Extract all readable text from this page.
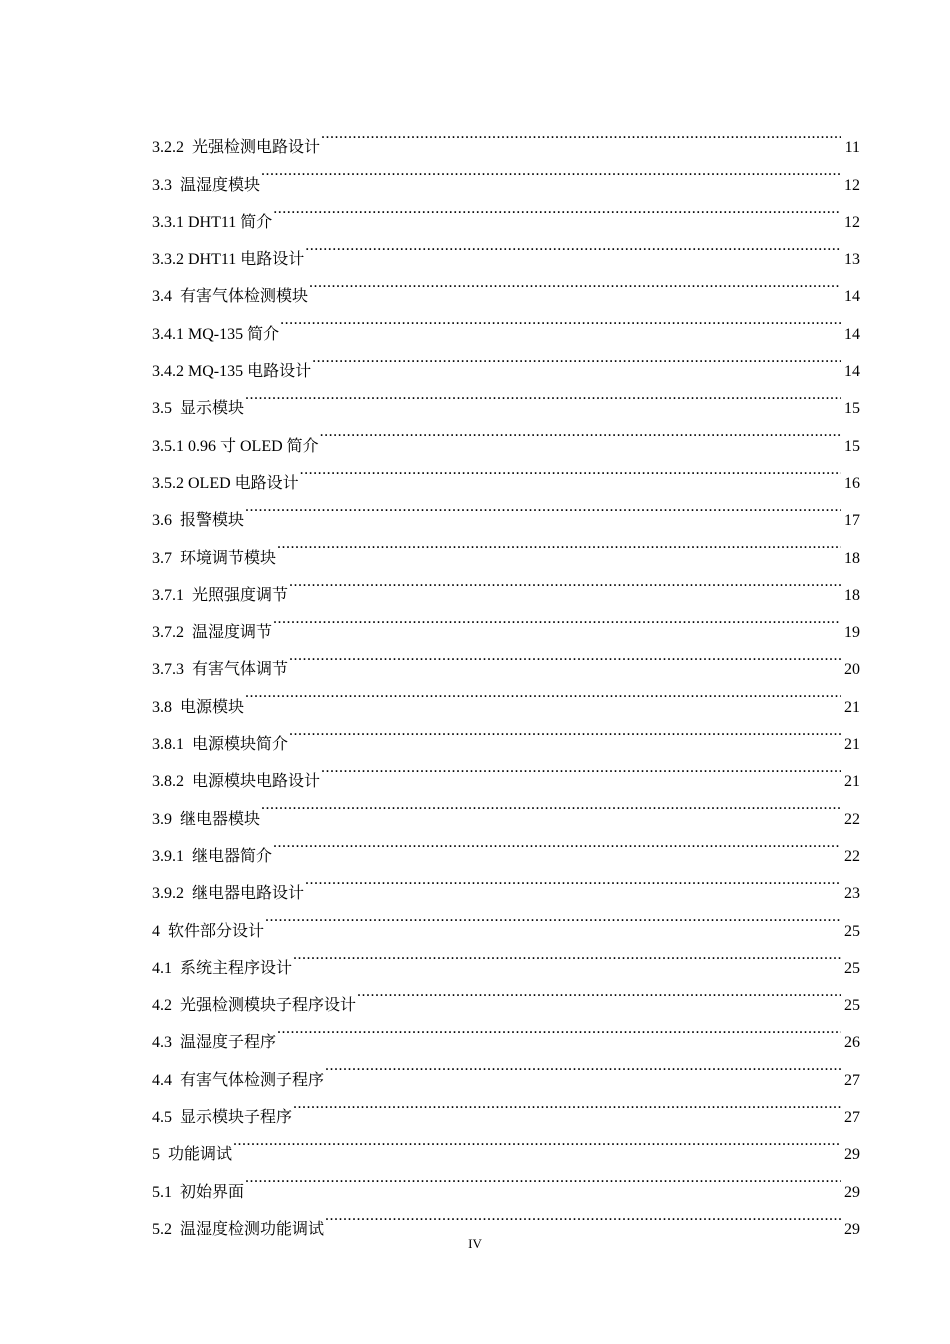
3.2.2  光强检测电路设计 .....	11
3.3  温湿度模块 .....	12
3.3.1 DHT11 简介 .....	12
3.3.2 DHT11 电路设计 .....	13
3.4  有害气体检测模块 .....	14
3.4.1 MQ-135 简介 .....	14
3.4.2 MQ-135 电路设计 .....	14
3.5  显示模块 .....	15
3.5.1 0.96 寸 OLED 简介 .....	15
3.5.2 OLED 电路设计 .....	16
3.6  报警模块 .....	17
3.7  环境调节模块 .....	18
3.7.1  光照强度调节 .....	18
3.7.2  温湿度调节 .....	19
3.7.3  有害气体调节 .....	20
3.8  电源模块 .....	21
3.8.1  电源模块简介 .....	21
3.8.2  电源模块电路设计 .....	21
3.9  继电器模块 .....	22
3.9.1  继电器简介 .....	22
3.9.2  继电器电路设计 .....	23
4  软件部分设计 .....	25
4.1  系统主程序设计 .....	25
4.2  光强检测模块子程序设计 .....	25
4.3  温湿度子程序 .....	26
4.4  有害气体检测子程序 .....	27
4.5  显示模块子程序 .....	27
5  功能调试 .....	29
5.1  初始界面 .....	29
5.2  温湿度检测功能调试 .....	29
IV
